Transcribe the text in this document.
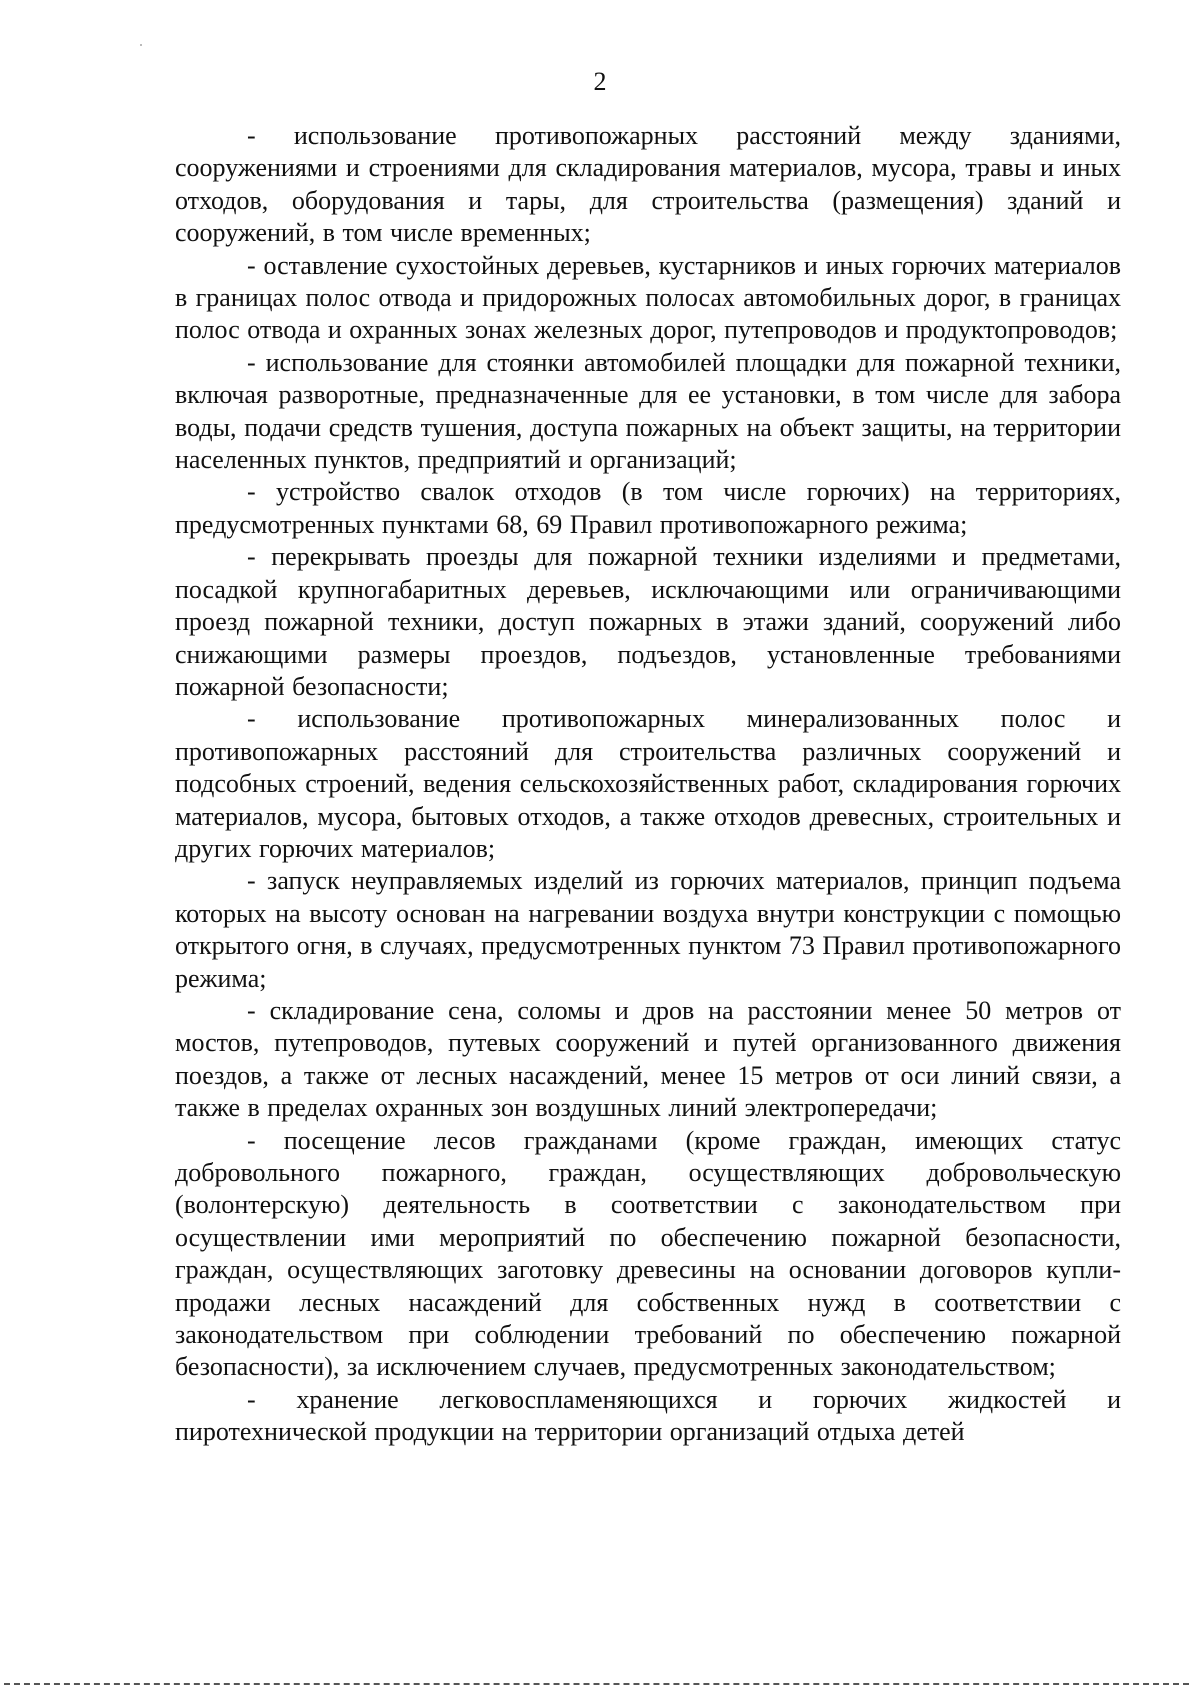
2

- использование противопожарных расстояний между зданиями, сооружениями и строениями для складирования материалов, мусора, травы и иных отходов, оборудования и тары, для строительства (размещения) зданий и сооружений, в том числе временных;

- оставление сухостойных деревьев, кустарников и иных горючих материалов в границах полос отвода и придорожных полосах автомобильных дорог, в границах полос отвода и охранных зонах железных дорог, путепроводов и продуктопроводов;

- использование для стоянки автомобилей площадки для пожарной техники, включая разворотные, предназначенные для ее установки, в том числе для забора воды, подачи средств тушения, доступа пожарных на объект защиты, на территории населенных пунктов, предприятий и организаций;

- устройство свалок отходов (в том числе горючих) на территориях, предусмотренных пунктами 68, 69 Правил противопожарного режима;

- перекрывать проезды для пожарной техники изделиями и предметами, посадкой крупногабаритных деревьев, исключающими или ограничивающими проезд пожарной техники, доступ пожарных в этажи зданий, сооружений либо снижающими размеры проездов, подъездов, установленные требованиями пожарной безопасности;

- использование противопожарных минерализованных полос и противопожарных расстояний для строительства различных сооружений и подсобных строений, ведения сельскохозяйственных работ, складирования горючих материалов, мусора, бытовых отходов, а также отходов древесных, строительных и других горючих материалов;

- запуск неуправляемых изделий из горючих материалов, принцип подъема которых на высоту основан на нагревании воздуха внутри конструкции с помощью открытого огня, в случаях, предусмотренных пунктом 73 Правил противопожарного режима;

- складирование сена, соломы и дров на расстоянии менее 50 метров от мостов, путепроводов, путевых сооружений и путей организованного движения поездов, а также от лесных насаждений, менее 15 метров от оси линий связи, а также в пределах охранных зон воздушных линий электропередачи;

- посещение лесов гражданами (кроме граждан, имеющих статус добровольного пожарного, граждан, осуществляющих добровольческую (волонтерскую) деятельность в соответствии с законодательством при осуществлении ими мероприятий по обеспечению пожарной безопасности, граждан, осуществляющих заготовку древесины на основании договоров купли-продажи лесных насаждений для собственных нужд в соответствии с законодательством при соблюдении требований по обеспечению пожарной безопасности), за исключением случаев, предусмотренных законодательством;

- хранение легковоспламеняющихся и горючих жидкостей и пиротехнической продукции на территории организаций отдыха детей
